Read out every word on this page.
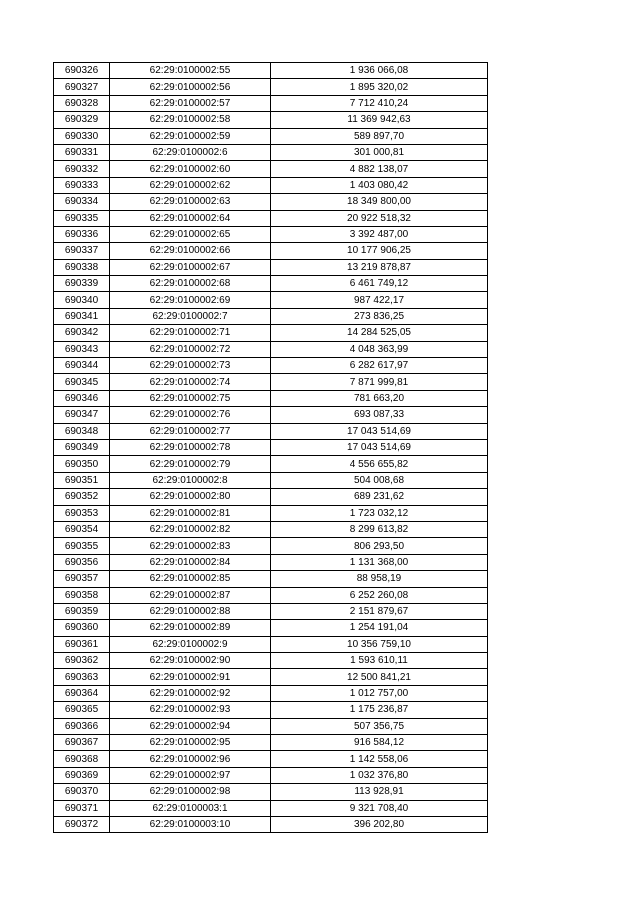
690326	62:29:0100002:55	1 936 066,08
690327	62:29:0100002:56	1 895 320,02
690328	62:29:0100002:57	7 712 410,24
690329	62:29:0100002:58	11 369 942,63
690330	62:29:0100002:59	589 897,70
690331	62:29:0100002:6	301 000,81
690332	62:29:0100002:60	4 882 138,07
690333	62:29:0100002:62	1 403 080,42
690334	62:29:0100002:63	18 349 800,00
690335	62:29:0100002:64	20 922 518,32
690336	62:29:0100002:65	3 392 487,00
690337	62:29:0100002:66	10 177 906,25
690338	62:29:0100002:67	13 219 878,87
690339	62:29:0100002:68	6 461 749,12
690340	62:29:0100002:69	987 422,17
690341	62:29:0100002:7	273 836,25
690342	62:29:0100002:71	14 284 525,05
690343	62:29:0100002:72	4 048 363,99
690344	62:29:0100002:73	6 282 617,97
690345	62:29:0100002:74	7 871 999,81
690346	62:29:0100002:75	781 663,20
690347	62:29:0100002:76	693 087,33
690348	62:29:0100002:77	17 043 514,69
690349	62:29:0100002:78	17 043 514,69
690350	62:29:0100002:79	4 556 655,82
690351	62:29:0100002:8	504 008,68
690352	62:29:0100002:80	689 231,62
690353	62:29:0100002:81	1 723 032,12
690354	62:29:0100002:82	8 299 613,82
690355	62:29:0100002:83	806 293,50
690356	62:29:0100002:84	1 131 368,00
690357	62:29:0100002:85	88 958,19
690358	62:29:0100002:87	6 252 260,08
690359	62:29:0100002:88	2 151 879,67
690360	62:29:0100002:89	1 254 191,04
690361	62:29:0100002:9	10 356 759,10
690362	62:29:0100002:90	1 593 610,11
690363	62:29:0100002:91	12 500 841,21
690364	62:29:0100002:92	1 012 757,00
690365	62:29:0100002:93	1 175 236,87
690366	62:29:0100002:94	507 356,75
690367	62:29:0100002:95	916 584,12
690368	62:29:0100002:96	1 142 558,06
690369	62:29:0100002:97	1 032 376,80
690370	62:29:0100002:98	113 928,91
690371	62:29:0100003:1	9 321 708,40
690372	62:29:0100003:10	396 202,80
